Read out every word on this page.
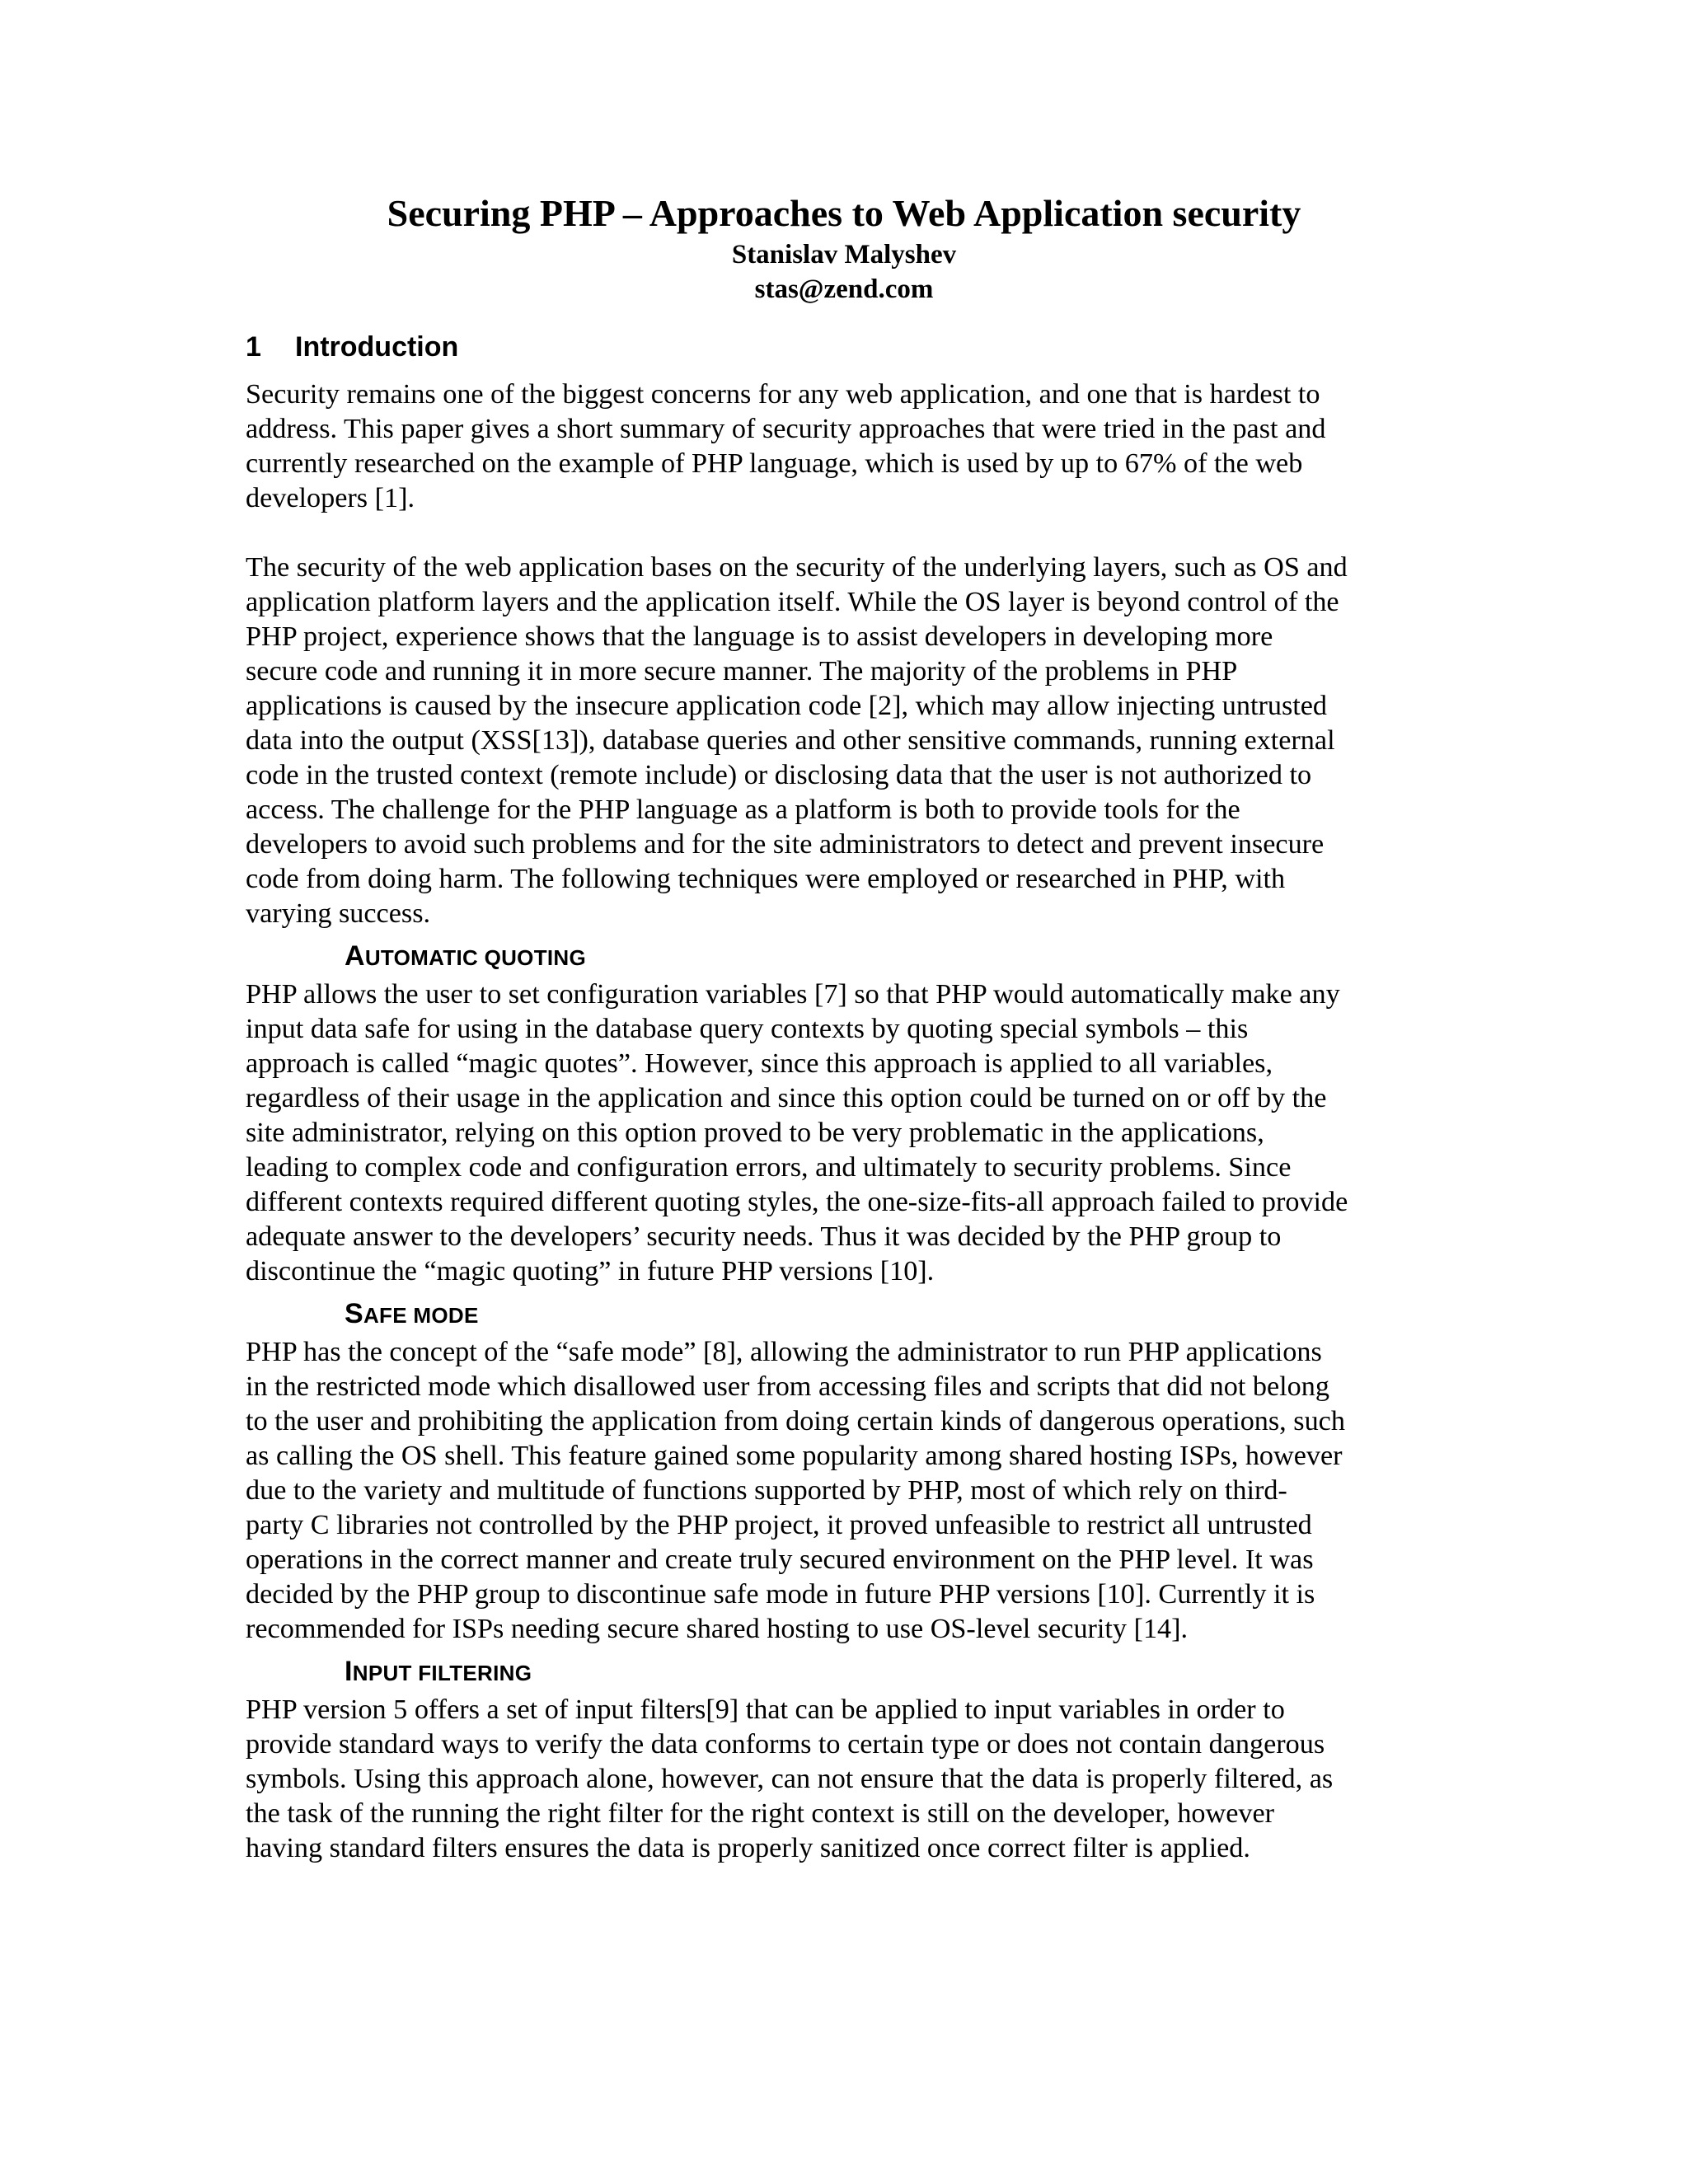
Securing PHP – Approaches to Web Application security

Stanislav Malyshev

stas@zend.com

1 Introduction

Security remains one of the biggest concerns for any web application, and one that is hardest to
address. This paper gives a short summary of security approaches that were tried in the past and
currently researched on the example of PHP language, which is used by up to 67% of the web
developers [1].

The security of the web application bases on the security of the underlying layers, such as OS and
application platform layers and the application itself. While the OS layer is beyond control of the
PHP project, experience shows that the language is to assist developers in developing more
secure code and running it in more secure manner. The majority of the problems in PHP
applications is caused by the insecure application code [2], which may allow injecting untrusted
data into the output (XSS[13]), database queries and other sensitive commands, running external
code in the trusted context (remote include) or disclosing data that the user is not authorized to
access. The challenge for the PHP language as a platform is both to provide tools for the
developers to avoid such problems and for the site administrators to detect and prevent insecure
code from doing harm. The following techniques were employed or researched in PHP, with
varying success.

AUTOMATIC QUOTING

PHP allows the user to set configuration variables [7] so that PHP would automatically make any
input data safe for using in the database query contexts by quoting special symbols – this
approach is called “magic quotes”. However, since this approach is applied to all variables,
regardless of their usage in the application and since this option could be turned on or off by the
site administrator, relying on this option proved to be very problematic in the applications,
leading to complex code and configuration errors, and ultimately to security problems. Since
different contexts required different quoting styles, the one-size-fits-all approach failed to provide
adequate answer to the developers’ security needs. Thus it was decided by the PHP group to
discontinue the “magic quoting” in future PHP versions [10].

SAFE MODE

PHP has the concept of the “safe mode” [8], allowing the administrator to run PHP applications
in the restricted mode which disallowed user from accessing files and scripts that did not belong
to the user and prohibiting the application from doing certain kinds of dangerous operations, such
as calling the OS shell. This feature gained some popularity among shared hosting ISPs, however
due to the variety and multitude of functions supported by PHP, most of which rely on third-
party C libraries not controlled by the PHP project, it proved unfeasible to restrict all untrusted
operations in the correct manner and create truly secured environment on the PHP level. It was
decided by the PHP group to discontinue safe mode in future PHP versions [10]. Currently it is
recommended for ISPs needing secure shared hosting to use OS-level security [14].

INPUT FILTERING

PHP version 5 offers a set of input filters[9] that can be applied to input variables in order to
provide standard ways to verify the data conforms to certain type or does not contain dangerous
symbols. Using this approach alone, however, can not ensure that the data is properly filtered, as
the task of the running the right filter for the right context is still on the developer, however
having standard filters ensures the data is properly sanitized once correct filter is applied.
